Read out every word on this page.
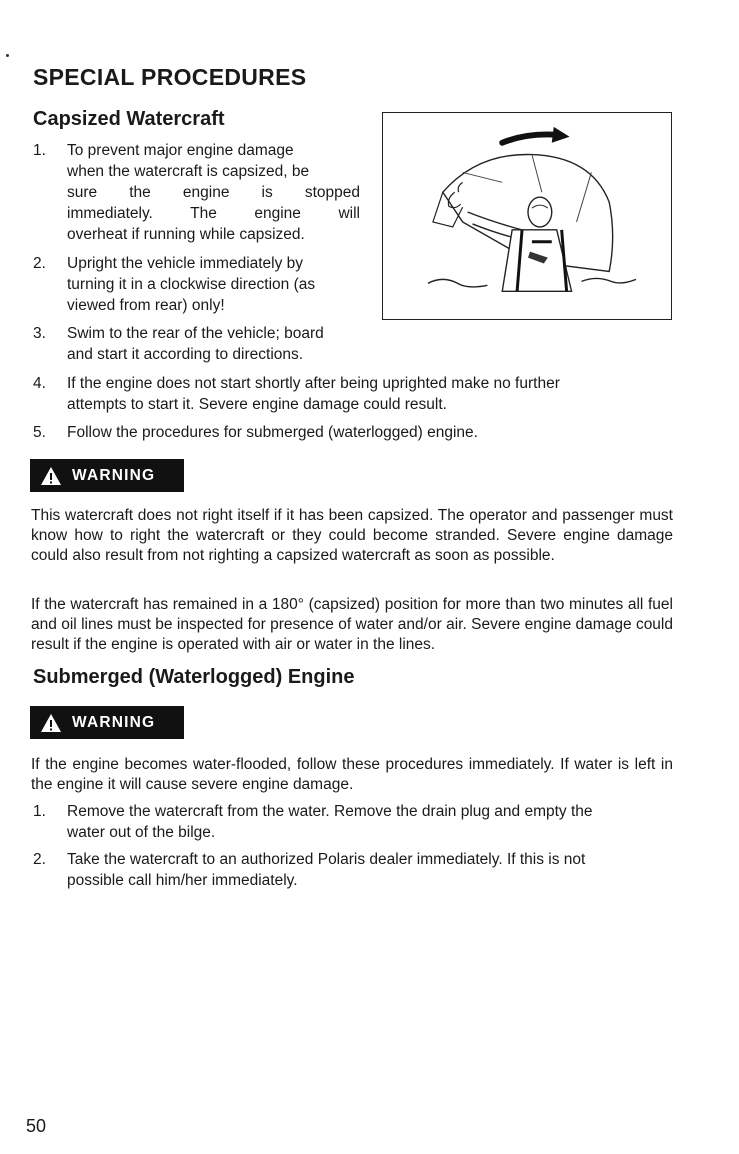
SPECIAL PROCEDURES
Capsized Watercraft
1.	To prevent major engine damage
when the watercraft is capsized, be
sure the engine is stopped
immediately. The engine will
overheat if running while capsized.
2.	Upright the vehicle immediately by
turning it in a clockwise direction (as
viewed from rear) only!
3.	Swim to the rear of the vehicle; board
and start it according to directions.
4.	If the engine does not start shortly after being uprighted make no further
attempts to start it. Severe engine damage could result.
5.	Follow the procedures for submerged (waterlogged) engine.
WARNING

This watercraft does not right itself if it has been capsized. The operator and passenger must know how to right the watercraft or they could become stranded. Severe engine damage could also result from not righting a capsized watercraft as soon as possible.

If the watercraft has remained in a 180° (capsized) position for more than two minutes all fuel and oil lines must be inspected for presence of water and/or air. Severe engine damage could result if the engine is operated with air or water in the lines.

Submerged (Waterlogged) Engine
WARNING

If the engine becomes water-flooded, follow these procedures immediately. If water is left in the engine it will cause severe engine damage.

1.	Remove the watercraft from the water. Remove the drain plug and empty the
water out of the bilge.
2.	Take the watercraft to an authorized Polaris dealer immediately. If this is not
possible call him/her immediately.
50
